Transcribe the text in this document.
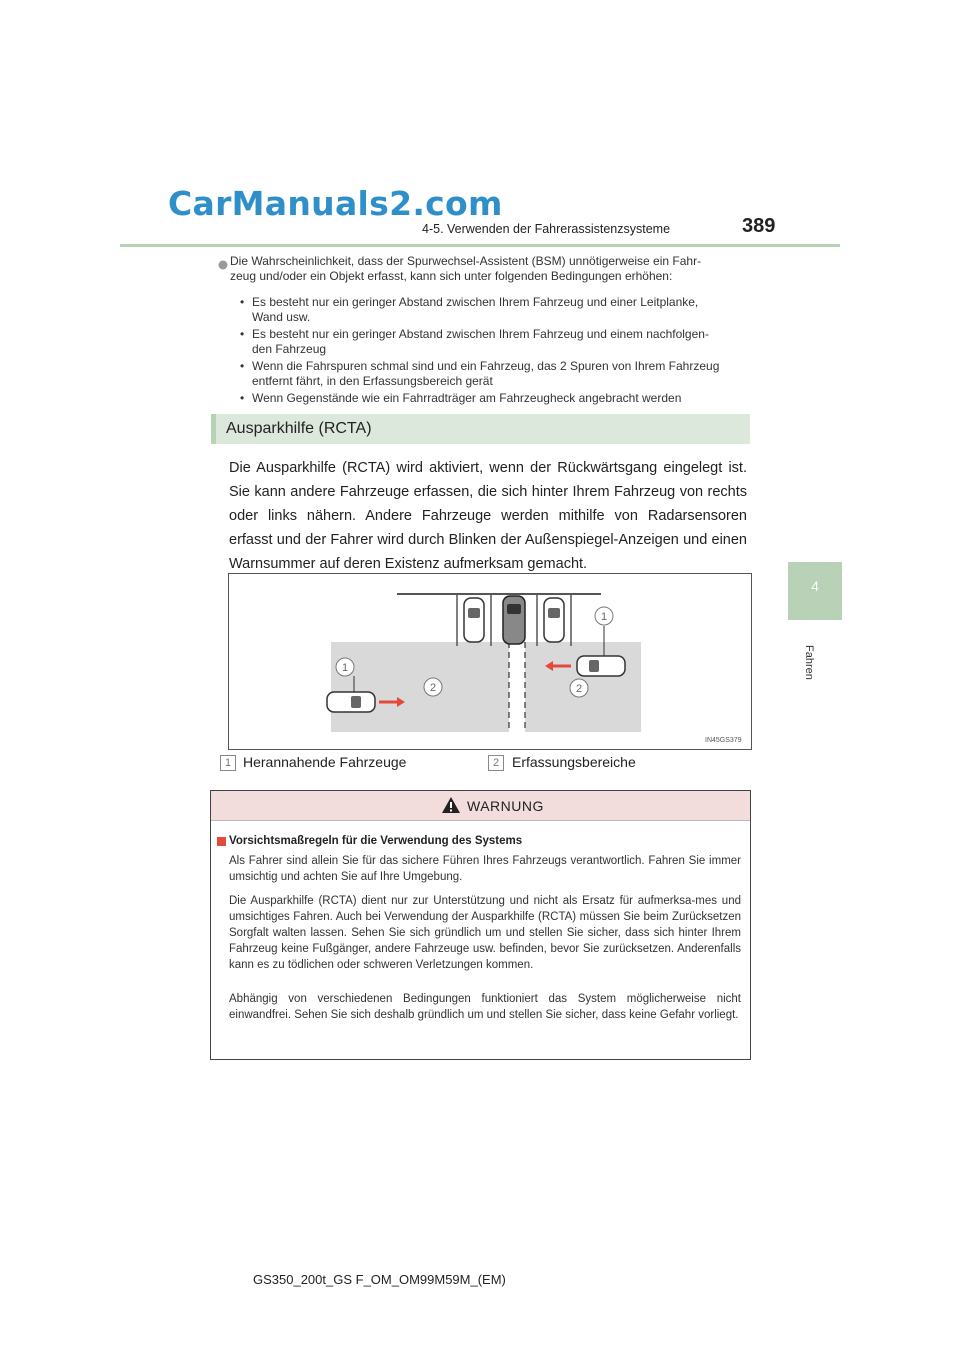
CarManuals2.com
4-5. Verwenden der Fahrerassistenzsysteme	389
4
Fahren
Die Wahrscheinlichkeit, dass der Spurwechsel-Assistent (BSM) unnötigerweise ein Fahr-
zeug und/oder ein Objekt erfasst, kann sich unter folgenden Bedingungen erhöhen:
• Es besteht nur ein geringer Abstand zwischen Ihrem Fahrzeug und einer Leitplanke,
Wand usw.
• Es besteht nur ein geringer Abstand zwischen Ihrem Fahrzeug und einem nachfolgen-
den Fahrzeug
• Wenn die Fahrspuren schmal sind und ein Fahrzeug, das 2 Spuren von Ihrem Fahrzeug
entfernt fährt, in den Erfassungsbereich gerät
• Wenn Gegenstände wie ein Fahrradträger am Fahrzeugheck angebracht werden
Ausparkhilfe (RCTA)
Die Ausparkhilfe (RCTA) wird aktiviert, wenn der Rückwärtsgang eingelegt ist. Sie kann andere Fahrzeuge erfassen, die sich hinter Ihrem Fahrzeug von rechts oder links nähern. Andere Fahrzeuge werden mithilfe von Radarsensoren erfasst und der Fahrer wird durch Blinken der Außenspiegel-Anzeigen und einen Warnsummer auf deren Existenz aufmerksam gemacht.
1
1
2	2
IN45GS379
1 Herannahende Fahrzeuge	2 Erfassungsbereiche
WARNUNG
Vorsichtsmaßregeln für die Verwendung des Systems
Als Fahrer sind allein Sie für das sichere Führen Ihres Fahrzeugs verantwortlich. Fahren Sie immer umsichtig und achten Sie auf Ihre Umgebung.
Die Ausparkhilfe (RCTA) dient nur zur Unterstützung und nicht als Ersatz für aufmerksa-mes und umsichtiges Fahren. Auch bei Verwendung der Ausparkhilfe (RCTA) müssen Sie beim Zurücksetzen Sorgfalt walten lassen. Sehen Sie sich gründlich um und stellen Sie sicher, dass sich hinter Ihrem Fahrzeug keine Fußgänger, andere Fahrzeuge usw. befinden, bevor Sie zurücksetzen. Anderenfalls kann es zu tödlichen oder schweren Verletzungen kommen.
Abhängig von verschiedenen Bedingungen funktioniert das System möglicherweise nicht einwandfrei. Sehen Sie sich deshalb gründlich um und stellen Sie sicher, dass keine Gefahr vorliegt.
GS350_200t_GS F_OM_OM99M59M_(EM)
